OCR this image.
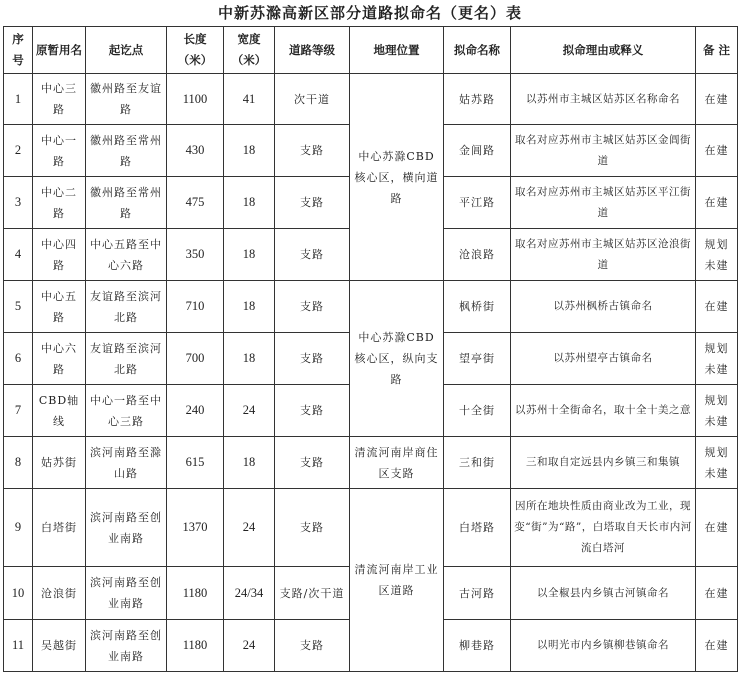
中新苏滁高新区部分道路拟命名（更名）表
序号	原暂用名	起讫点	长度（米）	宽度（米）	道路等级	地理位置	拟命名称	拟命理由或释义	备 注
1	中心三路	徽州路至友谊路	1100	41	次干道	中心苏滁CBD核心区，横向道路	姑苏路	以苏州市主城区姑苏区名称命名	在建
2	中心一路	徽州路至常州路	430	18	支路		金阊路	取名对应苏州市主城区姑苏区金阊街道	在建
3	中心二路	徽州路至常州路	475	18	支路		平江路	取名对应苏州市主城区姑苏区平江街道	在建
4	中心四路	中心五路至中心六路	350	18	支路		沧浪路	取名对应苏州市主城区姑苏区沧浪街道	规划未建
5	中心五路	友谊路至滨河北路	710	18	支路	中心苏滁CBD核心区，纵向支路	枫桥街	以苏州枫桥古镇命名	在建
6	中心六路	友谊路至滨河北路	700	18	支路		望亭街	以苏州望亭古镇命名	规划未建
7	CBD轴线	中心一路至中心三路	240	24	支路		十全街	以苏州十全街命名，取十全十美之意	规划未建
8	姑苏街	滨河南路至滁山路	615	18	支路	清流河南岸商住区支路	三和街	三和取自定远县内乡镇三和集镇	规划未建
9	白塔街	滨河南路至创业南路	1370	24	支路	清流河南岸工业区道路	白塔路	因所在地块性质由商业改为工业，现变“街”为“路”，白塔取自天长市内河流白塔河	在建
10	沧浪街	滨河南路至创业南路	1180	24/34	支路/次干道		古河路	以全椒县内乡镇古河镇命名	在建
11	吴越街	滨河南路至创业南路	1180	24	支路		柳巷路	以明光市内乡镇柳巷镇命名	在建
